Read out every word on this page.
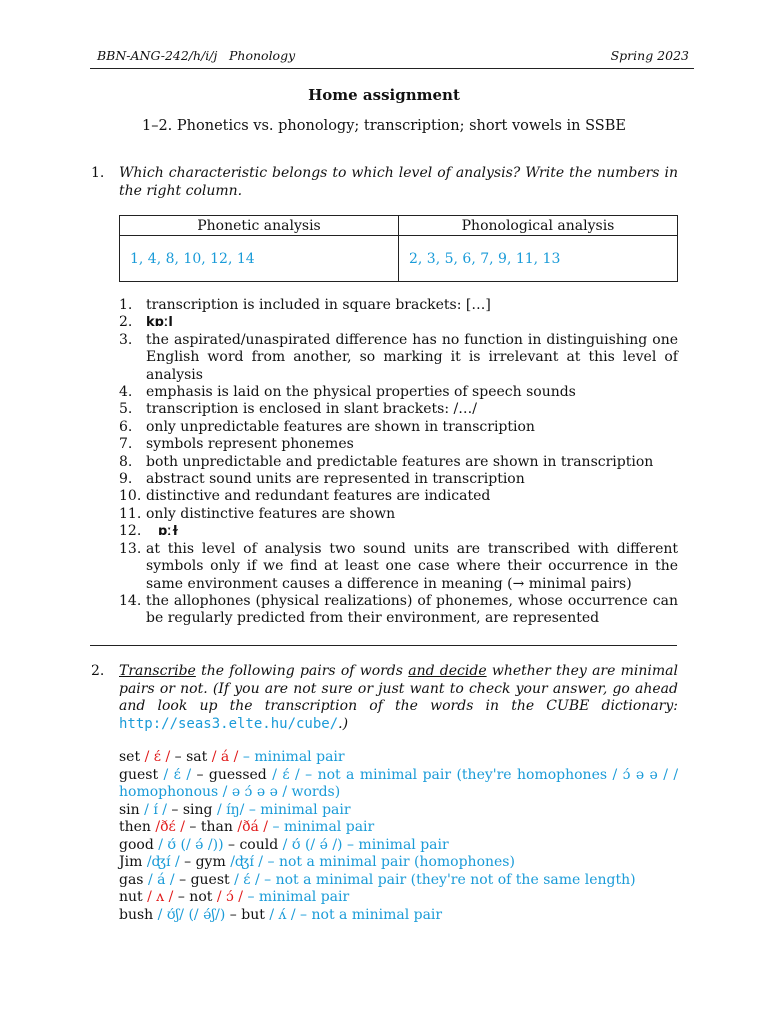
BBN-ANG-242/h/i/j Phonology	Spring 2023
Home assignment
1–2. Phonetics vs. phonology; transcription; short vowels in SSBE
1. Which characteristic belongs to which level of analysis? Write the numbers in the right column.
Phonetic analysis	Phonological analysis
1, 4, 8, 10, 12, 14	2, 3, 5, 6, 7, 9, 11, 13
1. transcription is included in square brackets: […]
2. kɒːl
3. the aspirated/unaspirated difference has no function in distinguishing one English word from another, so marking it is irrelevant at this level of analysis
4. emphasis is laid on the physical properties of speech sounds
5. transcription is enclosed in slant brackets: /…/
6. only unpredictable features are shown in transcription
7. symbols represent phonemes
8. both unpredictable and predictable features are shown in transcription
9. abstract sound units are represented in transcription
10. distinctive and redundant features are indicated
11. only distinctive features are shown
12. ɒːɫ
13. at this level of analysis two sound units are transcribed with different symbols only if we find at least one case where their occurrence in the same environment causes a difference in meaning (→ minimal pairs)
14. the allophones (physical realizations) of phonemes, whose occurrence can be regularly predicted from their environment, are represented
2. Transcribe the following pairs of words and decide whether they are minimal pairs or not. (If you are not sure or just want to check your answer, go ahead and look up the transcription of the words in the CUBE dictionary: http://seas3.elte.hu/cube/.)
set / ɛ́ / – sat / á / – minimal pair
guest / ɛ́ / – guessed / ɛ́ / – not a minimal pair (they're homophones / ɔ́ ə ə / / homophonous / ə ɔ́ ə ə / words)
sin / ɪ́ / – sing / ɪ́ŋ/ – minimal pair
then /ðɛ́ / – than /ðá / – minimal pair
good / ʊ́ (/ ə́ /)) – could / ʊ́ (/ ə́ /) – minimal pair
Jim /ʤɪ́ / – gym /ʤɪ́ / – not a minimal pair (homophones)
gas / á / – guest / ɛ́ / – not a minimal pair (they're not of the same length)
nut / ʌ / – not / ɔ́ / – minimal pair
bush / ʊ́ʃ/ (/ ə́ʃ/) – but / ʌ́ / – not a minimal pair
